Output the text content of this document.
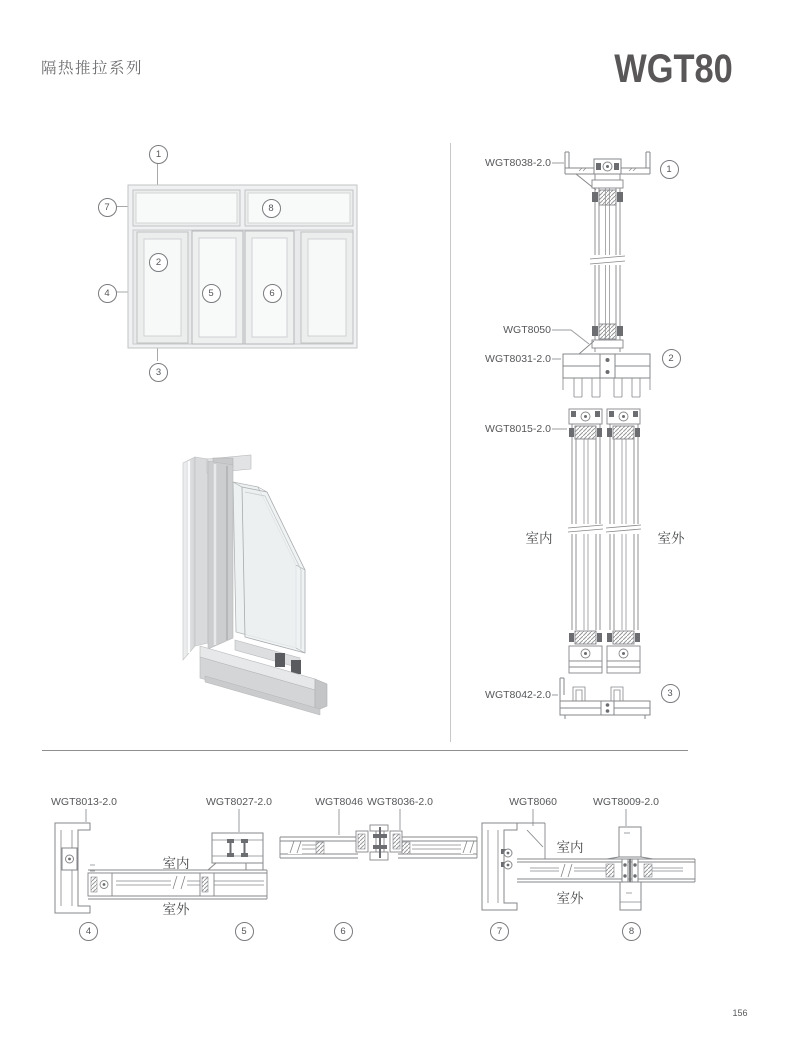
隔热推拉系列	WGT80
1
2
3
4	5	6
7	8
WGT8038-2.0
WGT8050
WGT8031-2.0
WGT8015-2.0
WGT8042-2.0
室内	室外
1
2
3
WGT8013-2.0	WGT8027-2.0	WGT8046 WGT8036-2.0	WGT8060	WGT8009-2.0
室内
室外
室内
室外
4	5	6	7	8
156
